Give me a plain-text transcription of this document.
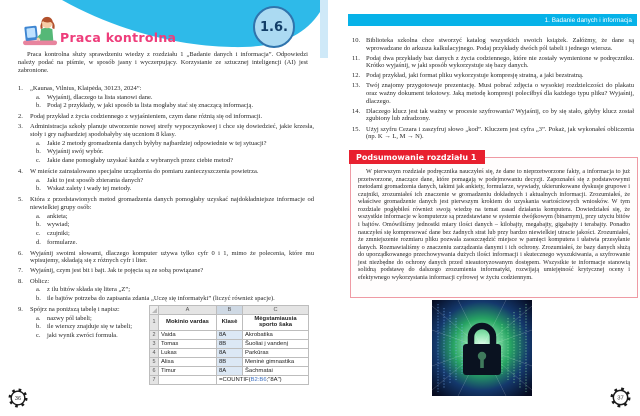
1.6.
Praca kontrolna

Praca kontrolna służy sprawdzeniu wiedzy z rozdziału 1 „Badanie danych i informacja”. Odpowiedzi należy podać na piśmie, w sposób jasny i wyczerpujący. Korzystanie ze sztucznej inteligencji (AI) jest zabronione.

1.	„Kaunas, Vilnius, Klaipėda, 30123, 2024”:
a. Wyjaśnij, dlaczego ta lista stanowi dane.
b. Podaj 2 przykłady, w jaki sposób ta lista mogłaby stać się znaczącą informacją.
2.	Podaj przykład z życia codziennego z wyjaśnieniem, czym dane różnią się od informacji.
3.	Administracja szkoły planuje utworzenie nowej strefy wypoczynkowej i chce się dowiedzieć, jakie krzesła, stoły i gry najbardziej spodobałyby się uczniom 8 klasy.
a. Jakie 2 metody gromadzenia danych byłyby najbardziej odpowiednie w tej sytuacji?
b. Wyjaśnij swój wybór.
c. Jakie dane pomogłaby uzyskać każda z wybranych przez ciebie metod?
4.	W mieście zainstalowano specjalne urządzenia do pomiaru zanieczyszczenia powietrza.
a. Jaki to jest sposób zbierania danych?
b. Wskaż zalety i wady tej metody.
5.	Która z przedstawionych metod gromadzenia danych pomogłaby uzyskać najdokładniejsze informacje od niewielkiej grupy osób:
a. ankieta;
b. wywiad;
c. czujniki;
d. formularze.
6.	Wyjaśnij swoimi słowami, dlaczego komputer używa tylko cyfr 0 i 1, mimo że polecenia, które mu wpisujemy, składają się z różnych cyfr i liter.
7.	Wyjaśnij, czym jest bit i bajt. Jak te pojęcia są ze sobą powiązane?
8.	Oblicz:
a. z ilu bitów składa się litera „Z”;
b. ile bajtów potrzeba do zapisania zdania „Uczę się informatyki” (liczyć również spacje).
9.	Spójrz na poniższą tabelę i napisz:
a. nazwy pól tabeli;
b. ile wierszy znajduje się w tabeli;
c. jaki wynik zwróci formuła.
	A	B	C
1	Mokinio vardas	Klasė	Mėgstamiausia sporto šaka
2	Vaida	8A	Akrobatika
3	Tomas	8B	Šuoliai į vandenį
4	Lukas	8A	Parkūras
5	Alisa	8B	Meninė gimnastika
6	Timur	8A	Šachmatai
7		=COUNTIF(B2:B6;"8A")	
36
1. Badanie danych i informacja
10. Biblioteka szkolna chce stworzyć katalog wszystkich swoich książek. Załóżmy, że dane są wprowadzane do arkusza kalkulacyjnego. Podaj przykłady dwóch pól tabeli i jednego wiersza.
11. Podaj dwa przykłady baz danych z życia codziennego, które nie zostały wymienione w podręczniku. Krótko wyjaśnij, w jaki sposób wykorzystuje się bazy danych.
12. Podaj przykład, jaki format pliku wykorzystuje kompresję stratną, a jaki bezstratną.
13. Twój znajomy przygotowuje prezentację. Musi pobrać zdjęcia o wysokiej rozdzielczości do plakatu oraz ważny dokument tekstowy. Jaką metodę kompresji poleciłbyś dla każdego typu pliku? Wyjaśnij, dlaczego.
14. Dlaczego klucz jest tak ważny w procesie szyfrowania? Wyjaśnij, co by się stało, gdyby klucz został zgubiony lub zdradzony.
15. Użyj szyfru Cezara i zaszyfruj słowo „kod”. Kluczem jest cyfra „3”. Pokaż, jak wykonałeś obliczenia (np. K → L, M → N).
Podsumowanie rozdziału 1
W pierwszym rozdziale podręcznika nauczyłeś się, że dane to nieprzetworzone fakty, a informacja to już przetworzone, znaczące dane, które pomagają w podejmowaniu decyzji. Zapoznałeś się z podstawowymi metodami gromadzenia danych, takimi jak ankiety, formularze, wywiady, ukierunkowane dyskusje grupowe i czujniki, zrozumiałeś ich znaczenie w gromadzeniu dokładnych i aktualnych informacji. Zrozumiałeś, że właściwe gromadzenie danych jest pierwszym krokiem do uzyskania wartościowych wniosków. W tym rozdziale pogłębiłeś również swoją wiedzę na temat zasad działania komputera. Dowiedziałeś się, że wszystkie informacje w komputerze są przedstawiane w systemie dwójkowym (binarnym), przy użyciu bitów i bajtów. Omówiliśmy jednostki miary ilości danych – kilobajty, megabajty, gigabajty i terabajty. Ponadto nauczyłeś się kompresować dane bez żadnych strat lub przy bardzo niewielkiej utracie jakości. Zrozumiałeś, że zmniejszenie rozmiaru pliku pozwala zaoszczędzić miejsce w pamięci komputera i ułatwia przesyłanie danych. Rozmawialiśmy o znaczeniu zarządzania danymi i ich ochrony. Zrozumiałeś, że bazy danych służą do uporządkowanego przechowywania dużych ilości informacji i skutecznego wyszukiwania, a szyfrowanie jest niezbędne do ochrony danych przed nieautoryzowanym dostępem. Wszystkie te informacje stanowią solidną podstawę do dalszego zrozumienia informatyki, rozwijają umiejętność krytycznej oceny i efektywnego wykorzystania informacji cyfrowej w życiu codziennym.
37
